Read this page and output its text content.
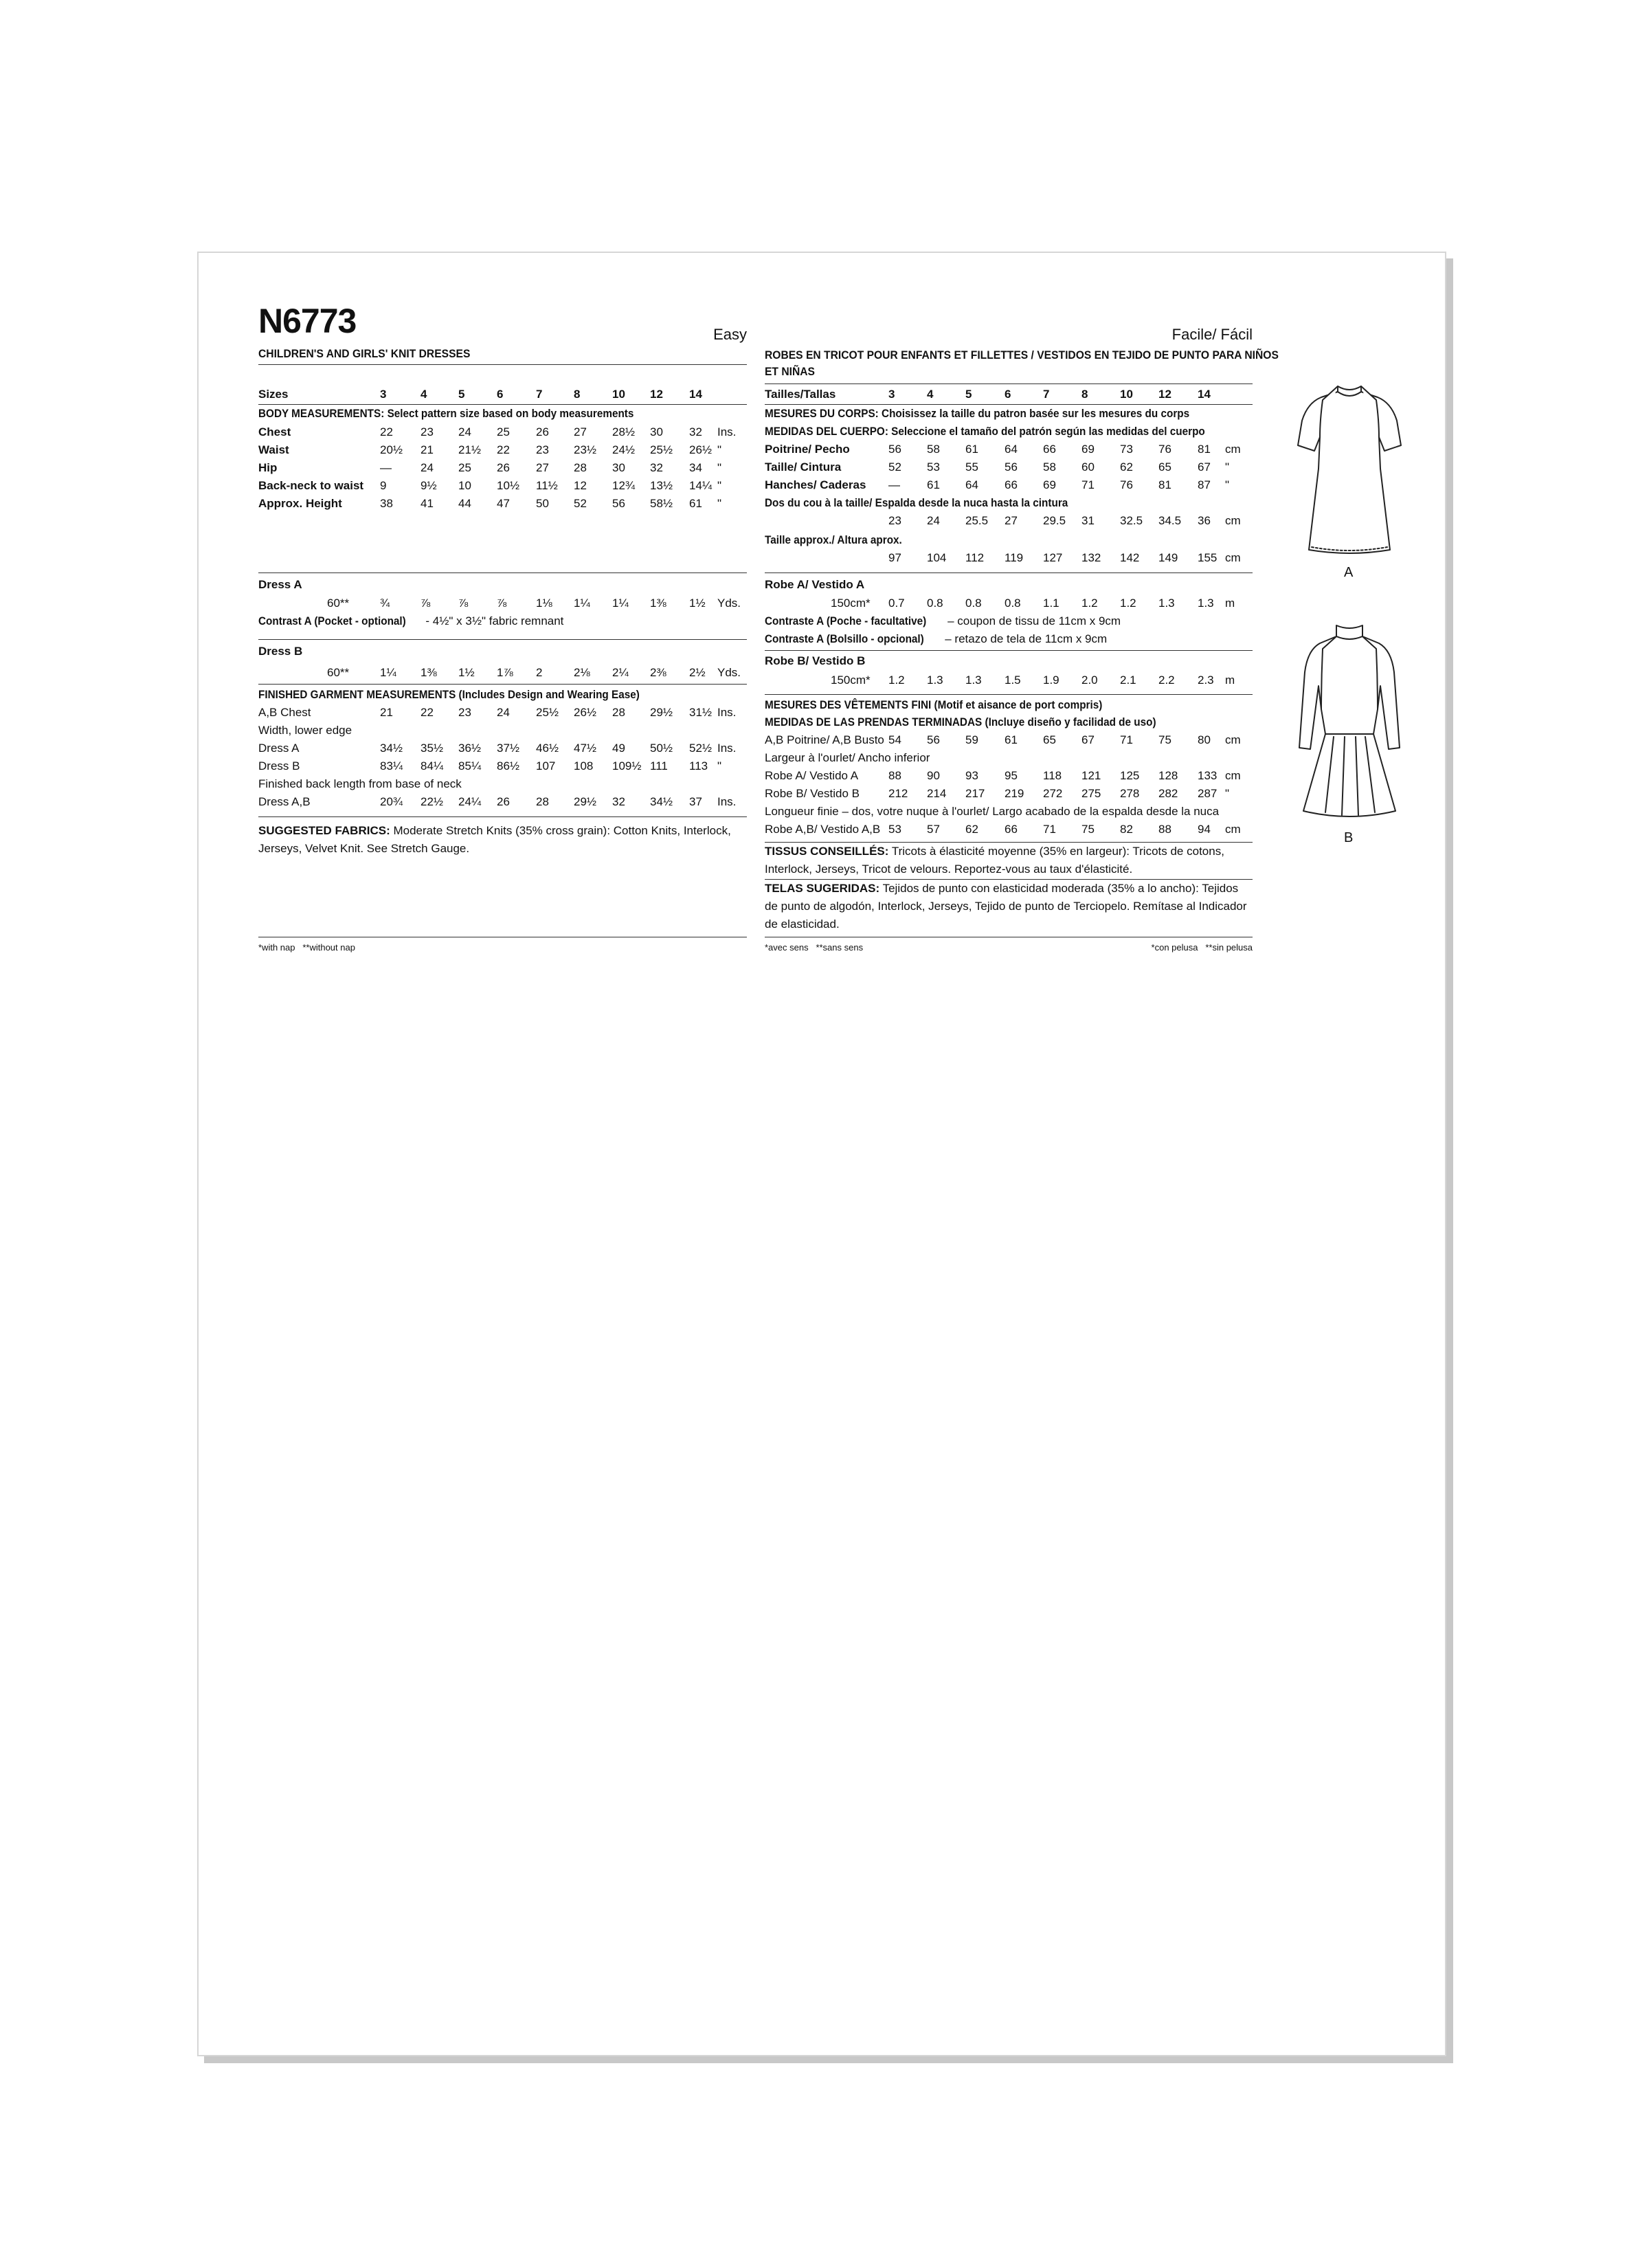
N6773	Easy
CHILDREN'S AND GIRLS' KNIT DRESSES
Sizes	3	4	5	6	7	8	10 12 14
BODY MEASUREMENTS: Select pattern size based on body measurements
Chest	22 23 24 25 26 27 28½ 30 32 Ins.
Waist	20½ 21 21½ 22 23 23½ 24½ 25½ 26½ "
Hip	— 24 25 26 27 28 30 32 34 "
Back-neck to waist 9	9½ 10 10½ 11½ 12 12¾ 13½ 14¼ "
Approx. Height	38 41 44 47 50 52 56 58½ 61 "
Dress A
60**	¾	⅞ ⅞ ⅞	1⅛ 1¼ 1¼ 1⅜ 1½ Yds.
Contrast A (Pocket - optional) - 4½" x 3½" fabric remnant
Dress B
60**	1¼ 1⅜ 1½ 1⅞ 2	2⅛ 2¼ 2⅜ 2½ Yds.
FINISHED GARMENT MEASUREMENTS (Includes Design and Wearing Ease)
A,B Chest	21 22 23 24 25½ 26½ 28 29½ 31½ Ins.
Width, lower edge
Dress A	34½ 35½ 36½ 37½ 46½ 47½ 49 50½ 52½ Ins.
Dress B	83¼ 84¼ 85¼ 86½ 107 108 109½ 111 113 "
Finished back length from base of neck
Dress A,B	20¾ 22½ 24¼ 26 28 29½ 32 34½ 37 Ins.
SUGGESTED FABRICS: Moderate Stretch Knits (35% cross grain): Cotton Knits, Interlock, Jerseys, Velvet Knit. See Stretch Gauge.
*with nap **without nap
Facile/ Fácil
ROBES EN TRICOT POUR ENFANTS ET FILLETTES / VESTIDOS EN TEJIDO DE PUNTO PARA NIÑOS
ET NIÑAS
Tailles/Tallas	3	4	5	6	7	8	10 12 14
MESURES DU CORPS: Choisissez la taille du patron basée sur les mesures du corps
MEDIDAS DEL CUERPO: Seleccione el tamaño del patrón según las medidas del cuerpo
Poitrine/ Pecho	56 58 61 64 66 69 73 76 81 cm
Taille/ Cintura	52 53 55 56 58 60 62 65 67 "
Hanches/ Caderas — 61 64 66 69 71 76 81 87 "
Dos du cou à la taille/ Espalda desde la nuca hasta la cintura
23 24 25.5 27 29.5 31 32.5 34.5 36 cm
Taille approx./ Altura aprox.
97 104 112 119 127 132 142 149 155 cm
Robe A/ Vestido A
150cm* 0.7 0.8 0.8 0.8 1.1 1.2 1.2 1.3 1.3 m
Contraste A (Poche - facultative) – coupon de tissu de 11cm x 9cm
Contraste A (Bolsillo - opcional) – retazo de tela de 11cm x 9cm
Robe B/ Vestido B
150cm* 1.2 1.3 1.3 1.5 1.9 2.0 2.1 2.2 2.3 m
MESURES DES VÊTEMENTS FINI (Motif et aisance de port compris)
MEDIDAS DE LAS PRENDAS TERMINADAS (Incluye diseño y facilidad de uso)
A,B Poitrine/ A,B Busto 54 56 59 61 65 67 71 75 80 cm
Largeur à l'ourlet/ Ancho inferior
Robe A/ Vestido A	88 90 93 95 118 121 125 128 133 cm
Robe B/ Vestido B 212 214 217 219 272 275 278 282 287 "
Longueur finie – dos, votre nuque à l'ourlet/ Largo acabado de la espalda desde la nuca
Robe A,B/ Vestido A,B 53 57 62 66 71 75 82 88 94 cm
TISSUS CONSEILLÉS: Tricots à élasticité moyenne (35% en largeur): Tricots de cotons, Interlock, Jerseys, Tricot de velours. Reportez-vous au taux d'élasticité.
TELAS SUGERIDAS: Tejidos de punto con elasticidad moderada (35% a lo ancho): Tejidos de punto de algodón, Interlock, Jerseys, Tejido de punto de Terciopelo. Remítase al Indicador de elasticidad.
*avec sens **sans sens	*con pelusa **sin pelusa
A
B
